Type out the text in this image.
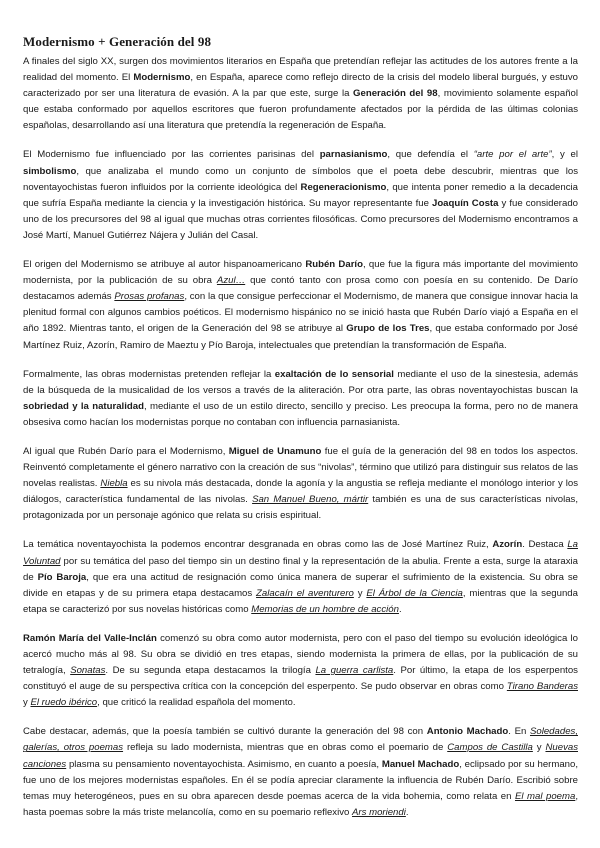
Modernismo + Generación del 98

A finales del siglo XX, surgen dos movimientos literarios en España que pretendían reflejar las actitudes de los autores frente a la realidad del momento. El Modernismo, en España, aparece como reflejo directo de la crisis del modelo liberal burgués, y estuvo caracterizado por ser una literatura de evasión. A la par que este, surge la Generación del 98, movimiento solamente español que estaba conformado por aquellos escritores que fueron profundamente afectados por la pérdida de las últimas colonias españolas, desarrollando así una literatura que pretendía la regeneración de España.

El Modernismo fue influenciado por las corrientes parisinas del parnasianismo, que defendía el “arte por el arte”, y el simbolismo, que analizaba el mundo como un conjunto de símbolos que el poeta debe descubrir, mientras que los noventayochistas fueron influidos por la corriente ideológica del Regeneracionismo, que intenta poner remedio a la decadencia que sufría España mediante la ciencia y la investigación histórica. Su mayor representante fue Joaquín Costa y fue considerado uno de los precursores del 98 al igual que muchas otras corrientes filosóficas. Como precursores del Modernismo encontramos a José Martí, Manuel Gutiérrez Nájera y Julián del Casal.

El origen del Modernismo se atribuye al autor hispanoamericano Rubén Darío, que fue la figura más importante del movimiento modernista, por la publicación de su obra Azul… que contó tanto con prosa como con poesía en su contenido. De Darío destacamos además Prosas profanas, con la que consigue perfeccionar el Modernismo, de manera que consigue innovar hacia la plenitud formal con algunos cambios poéticos. El modernismo hispánico no se inició hasta que Rubén Darío viajó a España en el año 1892. Mientras tanto, el origen de la Generación del 98 se atribuye al Grupo de los Tres, que estaba conformado por José Martínez Ruiz, Azorín, Ramiro de Maeztu y Pío Baroja, intelectuales que pretendían la transformación de España.

Formalmente, las obras modernistas pretenden reflejar la exaltación de lo sensorial mediante el uso de la sinestesia, además de la búsqueda de la musicalidad de los versos a través de la aliteración. Por otra parte, las obras noventayochistas buscan la sobriedad y la naturalidad, mediante el uso de un estilo directo, sencillo y preciso. Les preocupa la forma, pero no de manera obsesiva como hacían los modernistas porque no contaban con influencia parnasianista.

Al igual que Rubén Darío para el Modernismo, Miguel de Unamuno fue el guía de la generación del 98 en todos los aspectos. Reinventó completamente el género narrativo con la creación de sus “nivolas”, término que utilizó para distinguir sus relatos de las novelas realistas. Niebla es su nivola más destacada, donde la agonía y la angustia se refleja mediante el monólogo interior y los diálogos, característica fundamental de las nivolas. San Manuel Bueno, mártir también es una de sus características nivolas, protagonizada por un personaje agónico que relata su crisis espiritual.

La temática noventayochista la podemos encontrar desgranada en obras como las de José Martínez Ruiz, Azorín. Destaca La Voluntad por su temática del paso del tiempo sin un destino final y la representación de la abulia. Frente a esta, surge la ataraxia de Pío Baroja, que era una actitud de resignación como única manera de superar el sufrimiento de la existencia. Su obra se divide en etapas y de su primera etapa destacamos Zalacaín el aventurero y El Árbol de la Ciencia, mientras que la segunda etapa se caracterizó por sus novelas históricas como Memorias de un hombre de acción.

Ramón María del Valle-Inclán comenzó su obra como autor modernista, pero con el paso del tiempo su evolución ideológica lo acercó mucho más al 98. Su obra se dividió en tres etapas, siendo modernista la primera de ellas, por la publicación de su tetralogía, Sonatas. De su segunda etapa destacamos la trilogía La guerra carlista. Por último, la etapa de los esperpentos constituyó el auge de su perspectiva crítica con la concepción del esperpento. Se pudo observar en obras como Tirano Banderas y El ruedo ibérico, que criticó la realidad española del momento.

Cabe destacar, además, que la poesía también se cultivó durante la generación del 98 con Antonio Machado. En Soledades, galerías, otros poemas refleja su lado modernista, mientras que en obras como el poemario de Campos de Castilla y Nuevas canciones plasma su pensamiento noventayochista. Asimismo, en cuanto a poesía, Manuel Machado, eclipsado por su hermano, fue uno de los mejores modernistas españoles. En él se podía apreciar claramente la influencia de Rubén Darío. Escribió sobre temas muy heterogéneos, pues en su obra aparecen desde poemas acerca de la vida bohemia, como relata en El mal poema, hasta poemas sobre la más triste melancolía, como en su poemario reflexivo Ars moriendi.
